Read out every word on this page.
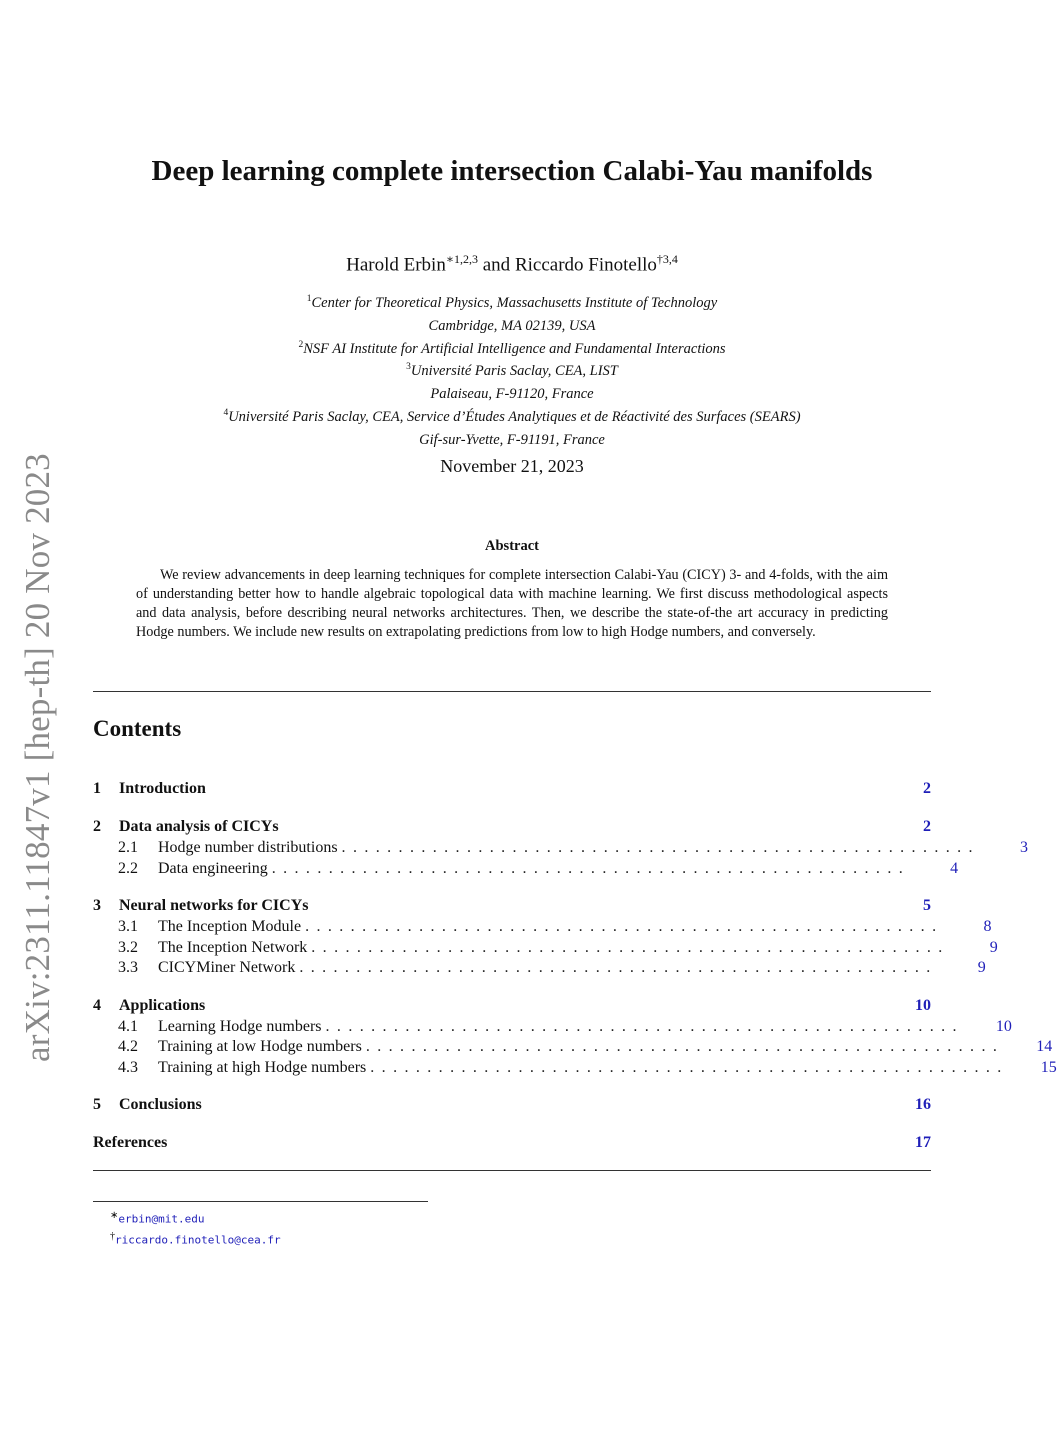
arXiv:2311.11847v1 [hep-th] 20 Nov 2023
Deep learning complete intersection Calabi-Yau manifolds
Harold Erbin$^{∗1,2,3}$ and Riccardo Finotello$^{\dagger 3,4}$
$^1$Center for Theoretical Physics, Massachusetts Institute of Technology
Cambridge, MA 02139, USA
$^2$NSF AI Institute for Artificial Intelligence and Fundamental Interactions
$^3$Université Paris Saclay, CEA, LIST
Palaiseau, F-91120, France
$^4$Université Paris Saclay, CEA, Service d’Études Analytiques et de Réactivité des Surfaces (SEARS)
Gif-sur-Yvette, F-91191, France
November 21, 2023
Abstract
We review advancements in deep learning techniques for complete intersection Calabi-Yau (CICY) 3- and 4-folds, with the aim of understanding better how to handle algebraic topological data with machine learning. We first discuss methodological aspects and data analysis, before describing neural networks architectures. Then, we describe the state-of-the art accuracy in predicting Hodge numbers. We include new results on extrapolating predictions from low to high Hodge numbers, and conversely.
Contents
1	Introduction	2
2	Data analysis of CICYs	2
2.1	Hodge number distributions ........................................................	3
2.2	Data engineering ........................................................	4
3	Neural networks for CICYs	5
3.1	The Inception Module ........................................................	8
3.2	The Inception Network ........................................................	9
3.3	CICYMiner Network ........................................................	9
4	Applications	10
4.1	Learning Hodge numbers ........................................................	10
4.2	Training at low Hodge numbers ........................................................	14
4.3	Training at high Hodge numbers ........................................................	15
5	Conclusions	16
References	17
∗erbin@mit.edu
†riccardo.finotello@cea.fr
